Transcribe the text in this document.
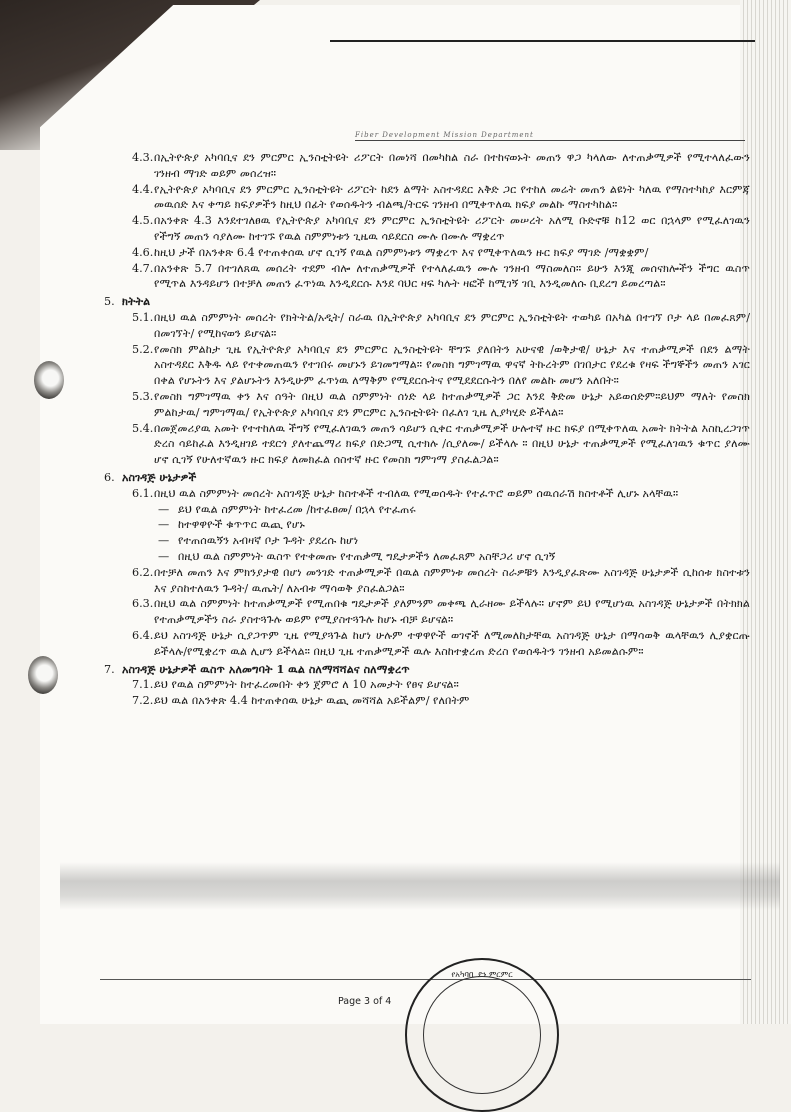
Fiber Development Mission Department
4.3. በኢትዮጵያ አካባቢና ደን ምርምር ኢንስቲትዩት ሪፖርት በመነሻ በመካከል ስራ በተከናወኑት መጠን ዋጋ ካላለው ለተጠቃሚዎች የሚተላለፈውን ገንዘብ ማገድ ወይም መሰረዝ።
4.4. የኢትዮጵያ አካባቢና ደን ምርምር ኢንስቲትዩት ሪፖርት ከደን ልማት አስተዳደር አቅድ ጋር የተከለ መሬት መጠን ልዩነት ካለዉ የማስተካከያ እርምጃ መዉሰድ እና ቀጣይ ክፍያዎችን ከዚህ በፊት የወሰዱትን ብልጫ/ትርፍ ገንዘብ በሚቀጥለዉ ክፍያ መልኩ ማስተካከል።
4.5. በአንቀጽ 4.3 እንደተገለፀዉ የኢትዮጵያ አካባቢና ደን ምርምር ኢንስቲትዩት ሪፖርት መሠረት አለሚ ቡድኖቹ ከ12 ወር በኋላም የሚፈለገዉን የችግኝ መጠን ሳያለሙ ከተገኙ የዉል ስምምነቱን ጊዜዉ ሳይደርስ ሙሉ በሙሉ ማቋረጥ
4.6. ከዚህ ታች በአንቀጽ 6.4 የተጠቀሰዉ ሆኖ ሲገኝ የዉል ስምምነቱን ማቋረጥ እና የሚቀጥለዉን ዙር ክፍያ ማገድ /ማቋቋም/
4.7. በአንቀጽ 5.7 በተገለጸዉ መሰረት ተደም ብሎ ለተጠቃሚዎች የተላለፈዉን ሙሉ ገንዘብ ማስመለስ። ይሁን እንጂ መሰናክሎችን ችግር ዉስጥ የሚጥል እንዳይሆን በተቻለ መጠን ፈጥነዉ እንዲደርሱ እንደ ባህር ዛፍ ካሉት ዛፎች ከሚገኝ ገቢ እንዲመለሱ ቢደረግ ይመረጣል።
5. ክትትል
5.1. በዚህ ዉል ስምምነት መሰረት የክትትል/አዲት/ ስራዉ በኢትዮጵያ አካባቢና ደን ምርምር ኢንስቲትዩት ተወካይ በአካል በተገኘ ቦታ ላይ በመፈጸም/ በመገኘት/ የሚከናወን ይሆናል።
5.2. የመስክ ምልከታ ጊዜ የኢትዮጵያ አካባቢና ደን ምርምር ኢንስቲትዩት ቸግኙ ያለበትን አሁናዊ /ወቅታዊ/ ሁኔታ እና ተጠቃሚዎች በደን ልማት አስተዳደር እቅዱ ላይ የተቀመጠዉን የተገበሩ መሆኑን ይገመግማል። የመስክ ግምገማዉ ዋናኛ ትኩረትም በገበታር የደረቁ የዛፍ ችግኞችን መጠን አገር በቀል የሆኑትን እና ያልሆኑትን እንዲሁም ፈጥነዉ ለማቅም የሚደርሱትና የሚደደርሱትን በለየ መልኩ መሆን አለበት።
5.3. የመስክ ግምገማዉ ቀን እና ሰዓት በዚህ ዉል ስምምነት ሰነድ ላይ ከተጠቃሚዎች ጋር እንደ ቅድመ ሁኔታ አይወሰድም።ይህም ማለት የመስክ ምልከታዉ/ ግምገማዉ/ የኢትዮጵያ አካባቢና ደን ምርምር ኢንስቲትዩት በፈለገ ጊዜ ሊያካሂድ ይችላል።
5.4. በመጀመሪያዉ አመት የተተከለዉ ችግኝ የሚፈለገዉን መጠን ሳይሆን ሲቀር ተጠቃሚዎች ሁሉተኛ ዙር ክፍያ በሚቀጥለዉ አመት ክትትል እስኪረጋገጥ ድረስ ሳይከፈል እንዲዘገይ ተደርጎ ያለተጨማሪ ክፍያ በድጋሚ ሲተክሉ /ሲያለሙ/ ይችላሉ ። በዚህ ሁኔታ ተጠቃሚዎች የሚፈለገዉን ቁጥር ያለሙ ሆኖ ሲገኝ የሁለተኛዉን ዙር ክፍያ ለመክፈል ሰስተኛ ዙር የመስክ ግምገማ ያስፈልጋል።
6. አስገዳጅ ሁኔታዎች
6.1. በዚህ ዉል ስምምነት መሰረት አስገዳጅ ሁኔታ ከስተቶች ተብለዉ የሚወሰዱት የተፈጥሮ ወይም ሰዉሰራሽ ክስተቶች ሊሆኑ አላቸዉ።
— ይህ የዉል ስምምነት ከተፈረመ /ከተፈፀመ/ በኋላ የተፈጠሩ
— ከተዋዋዮች ቁጥጥር ዉጪ የሆኑ
— የተጠሰዉኝን አብዛኛ ቦታ ጉዳት ያደረሱ ከሆነ
— በዚህ ዉል ስምምነት ዉስጥ የተቀመጡ የተጠቃሚ ግዴታዎችን ለመፈጸም አስቸጋሪ ሆኖ ሲገኝ
6.2. በተቻለ መጠን እና ምክንያታዊ በሆነ መንገድ ተጠቃሚዎች በዉል ስምምነቱ መሰረት ስራዎቹን እንዲያፈጽሙ አስገዳጅ ሁኔታዎች ሲከሰቱ ክስተቱን እና ያስከተለዉን ጉዳት/ ዉጤት/ ለአብቱ ማሳወቅ ያስፈልጋል።
6.3. በዚህ ዉል ስምምነት ከተጠቃሚዎች የሚጠበቁ ግዴታዎች ያለምንም መቀጫ ሊራዘሙ ይችላሉ። ሆኖም ይህ የሚሆነዉ አስገዳጅ ሁኔታዎች በትክክል የተጠቃሚዎችን ስራ ያስተጓጉሉ ወይም የሚያስተጓጉሉ ከሆኑ ብቻ ይሆናል።
6.4. ይህ አስገዳጅ ሁኔታ ሲያጋጥም ጊዜ የሚያጓጉል ከሆነ ሁሉም ተዋዋዮች ወገኖች ለሚመለከታቸዉ አስገዳጅ ሁኔታ በማሳወቅ ዉላቸዉን ሊያቋርጡ ይችላሉ/የሚቋረጥ ዉል ሊሆን ይችላል። በዚህ ጊዜ ተጠቃሚዎች ዉሉ እስከተቋረጠ ድረስ የወሰዱትን ገንዘብ አይመልሱም።
7. አስገዳጅ ሁኔታዎች ዉስጥ አለመግባት 1 ዉል ስለማሻሻልና ስለማቋረጥ
7.1. ይህ የዉል ስምምነት ከተፈረመበት ቀን ጀምሮ ለ 10 አመታት የፀና ይሆናል።
7.2. ይህ ዉል በአንቀጽ 4.4 ከተጠቀሰዉ ሁኔታ ዉጪ መሻሻል አይችልም/ የለበትም
Page 3 of 4
የአካባቢ ደን ምርምር
